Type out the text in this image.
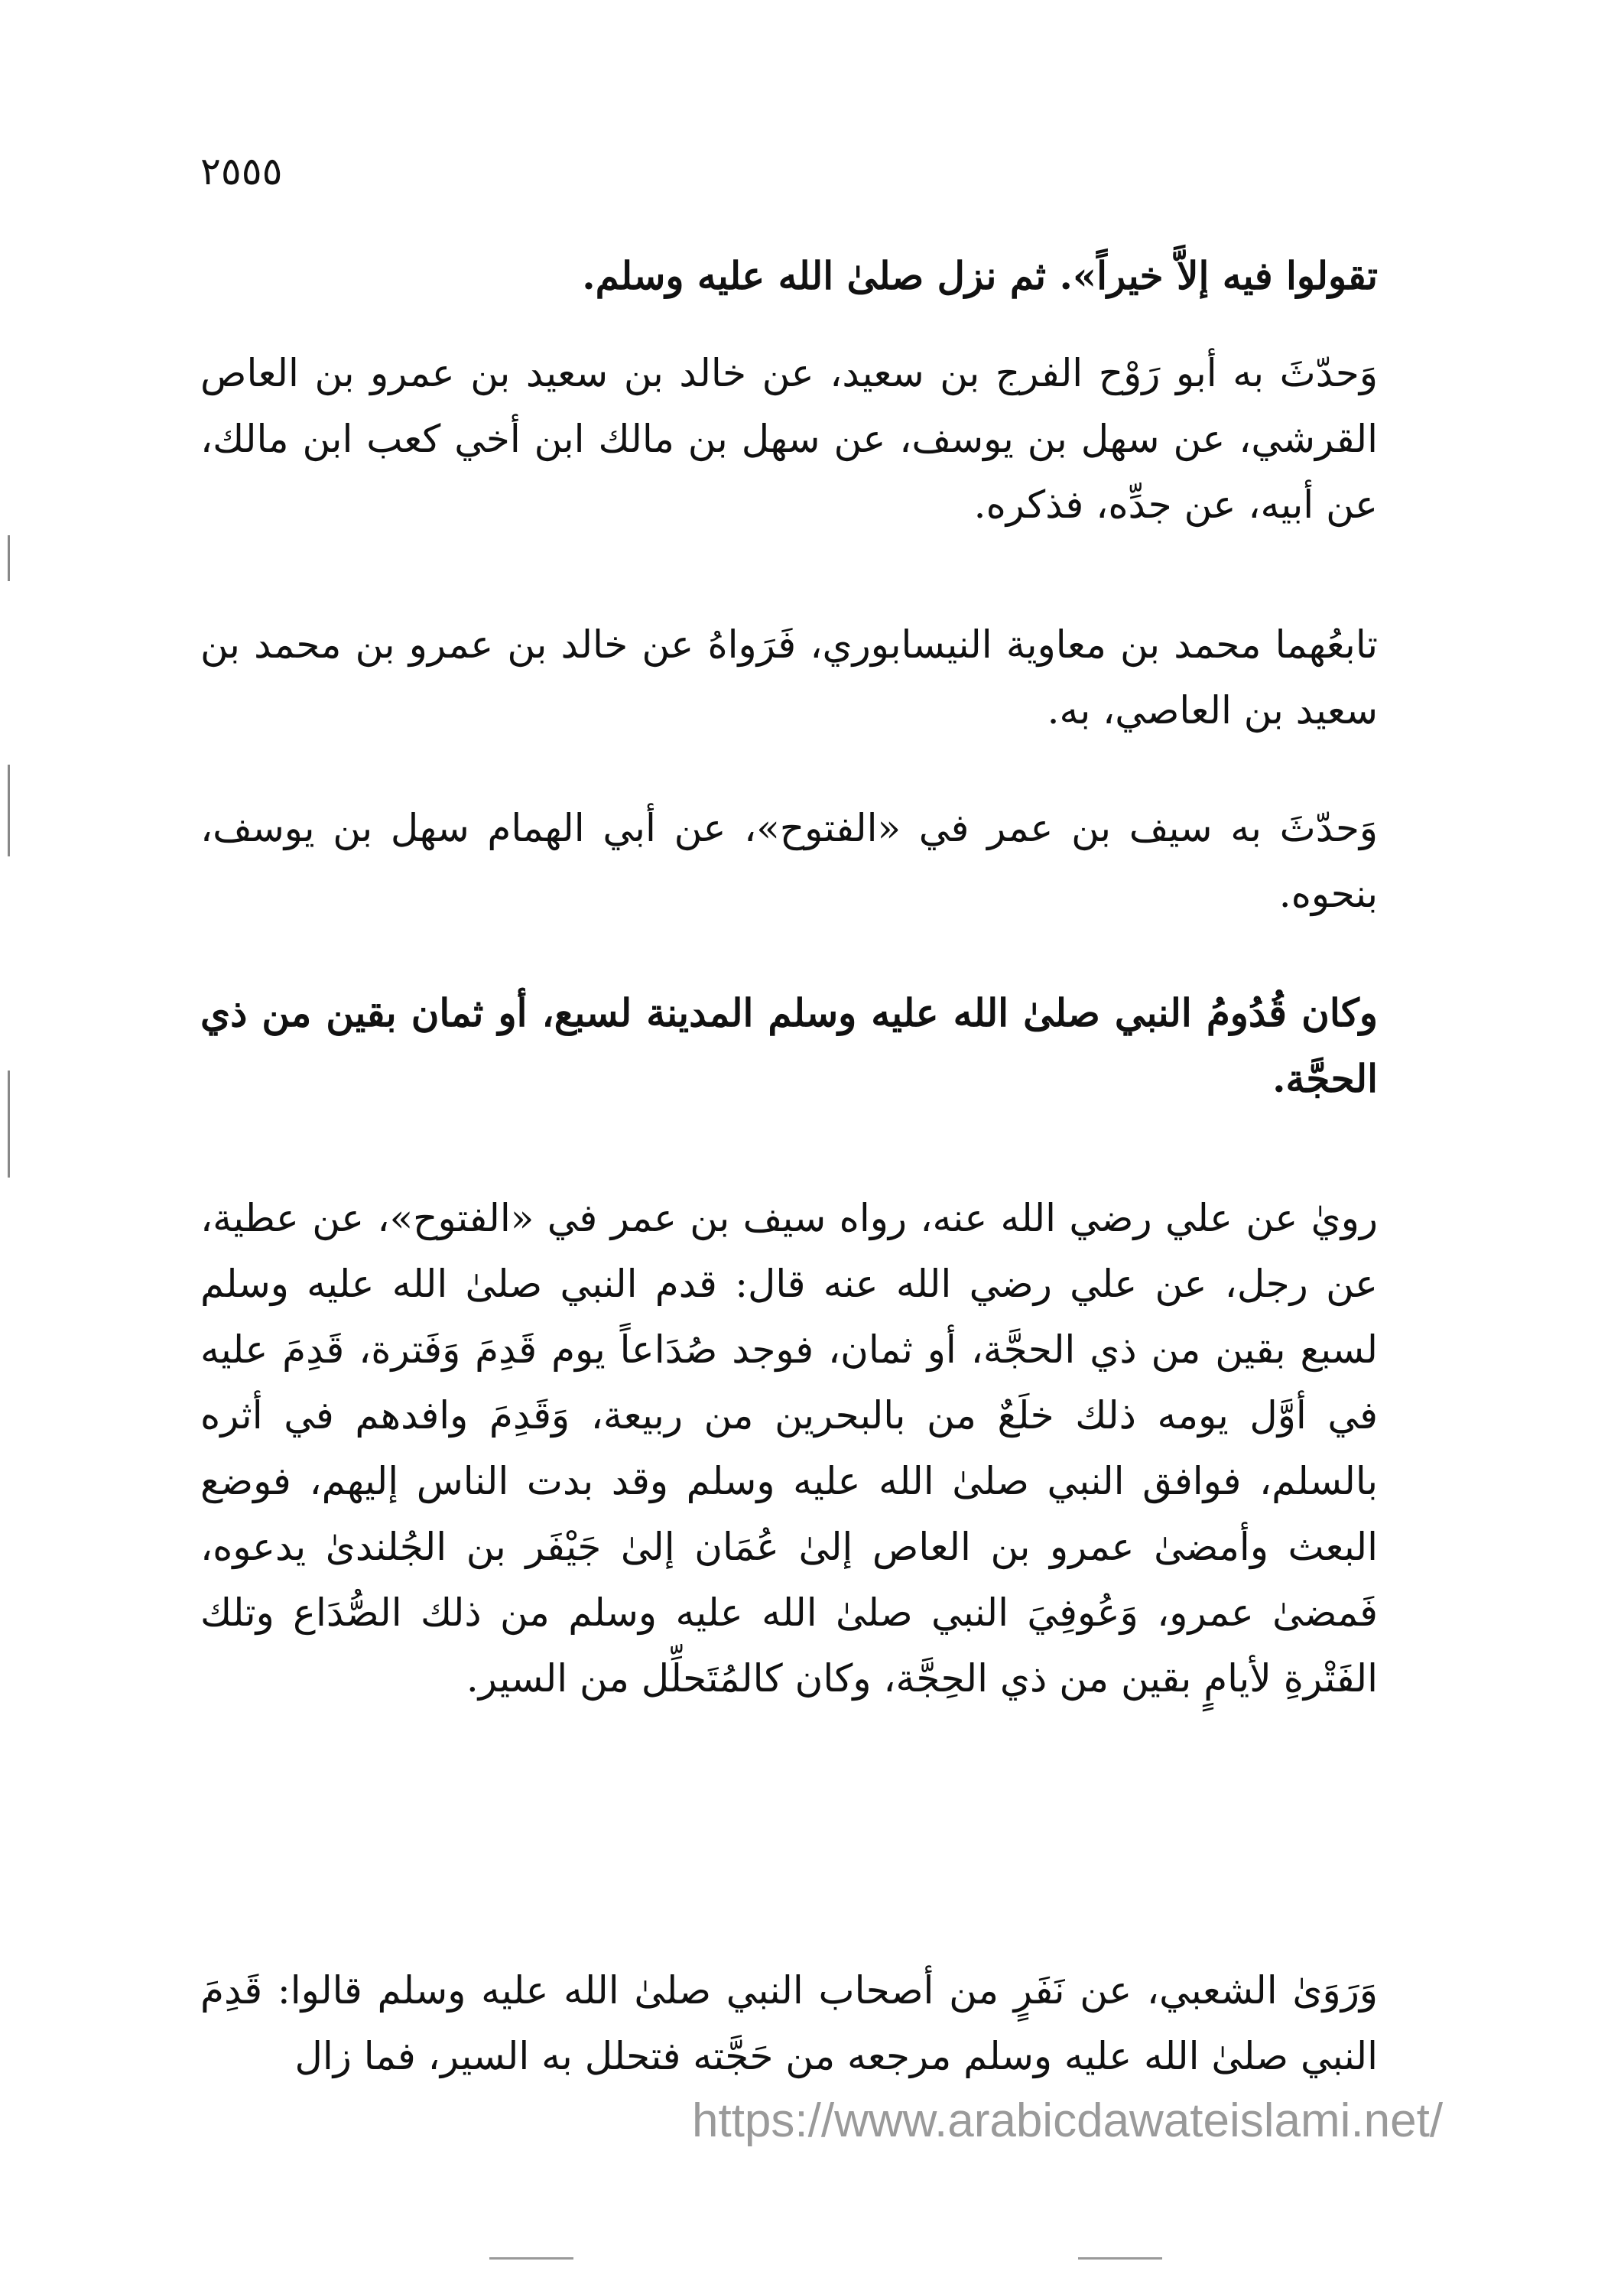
٢٥٥٥

تقولوا فيه إلاَّ خيراً». ثم نزل صلىٰ الله عليه وسلم.

وَحدّثَ به أبو رَوْح الفرج بن سعيد، عن خالد بن سعيد بن عمرو بن العاص القرشي، عن سهل بن يوسف، عن سهل بن مالك ابن أخي كعب ابن مالك، عن أبيه، عن جدِّه، فذكره.

تابعُهما محمد بن معاوية النيسابوري، فَرَواهُ عن خالد بن عمرو بن محمد بن سعيد بن العاصي، به.

وَحدّثَ به سيف بن عمر في «الفتوح»، عن أبي الهمام سهل بن يوسف، بنحوه.

وكان قُدُومُ النبي صلىٰ الله عليه وسلم المدينة لسبع، أو ثمان بقين من ذي الحجَّة.

رويٰ عن علي رضي الله عنه، رواه سيف بن عمر في «الفتوح»، عن عطية، عن رجل، عن علي رضي الله عنه قال: قدم النبي صلىٰ الله عليه وسلم لسبع بقين من ذي الحجَّة، أو ثمان، فوجد صُدَاعاً يوم قَدِمَ وَفَترة، قَدِمَ عليه في أوَّل يومه ذلك خلَعٌ من بالبحرين من ربيعة، وَقَدِمَ وافدهم في أثره بالسلم، فوافق النبي صلىٰ الله عليه وسلم وقد بدت الناس إليهم، فوضع البعث وأمضىٰ عمرو بن العاص إلىٰ عُمَان إلىٰ جَيْفَر بن الجُلندىٰ يدعوه، فَمضىٰ عمرو، وَعُوفِيَ النبي صلىٰ الله عليه وسلم من ذلك الصُّدَاع وتلك الفَتْرةِ لأيامٍ بقين من ذي الحِجَّة، وكان كالمُتَحلِّل من السير.

وَرَوَىٰ الشعبي، عن نَفَرٍ من أصحاب النبي صلىٰ الله عليه وسلم قالوا: قَدِمَ النبي صلىٰ الله عليه وسلم مرجعه من حَجَّته فتحلل به السير، فما زال

https://www.arabicdawateislami.net/
